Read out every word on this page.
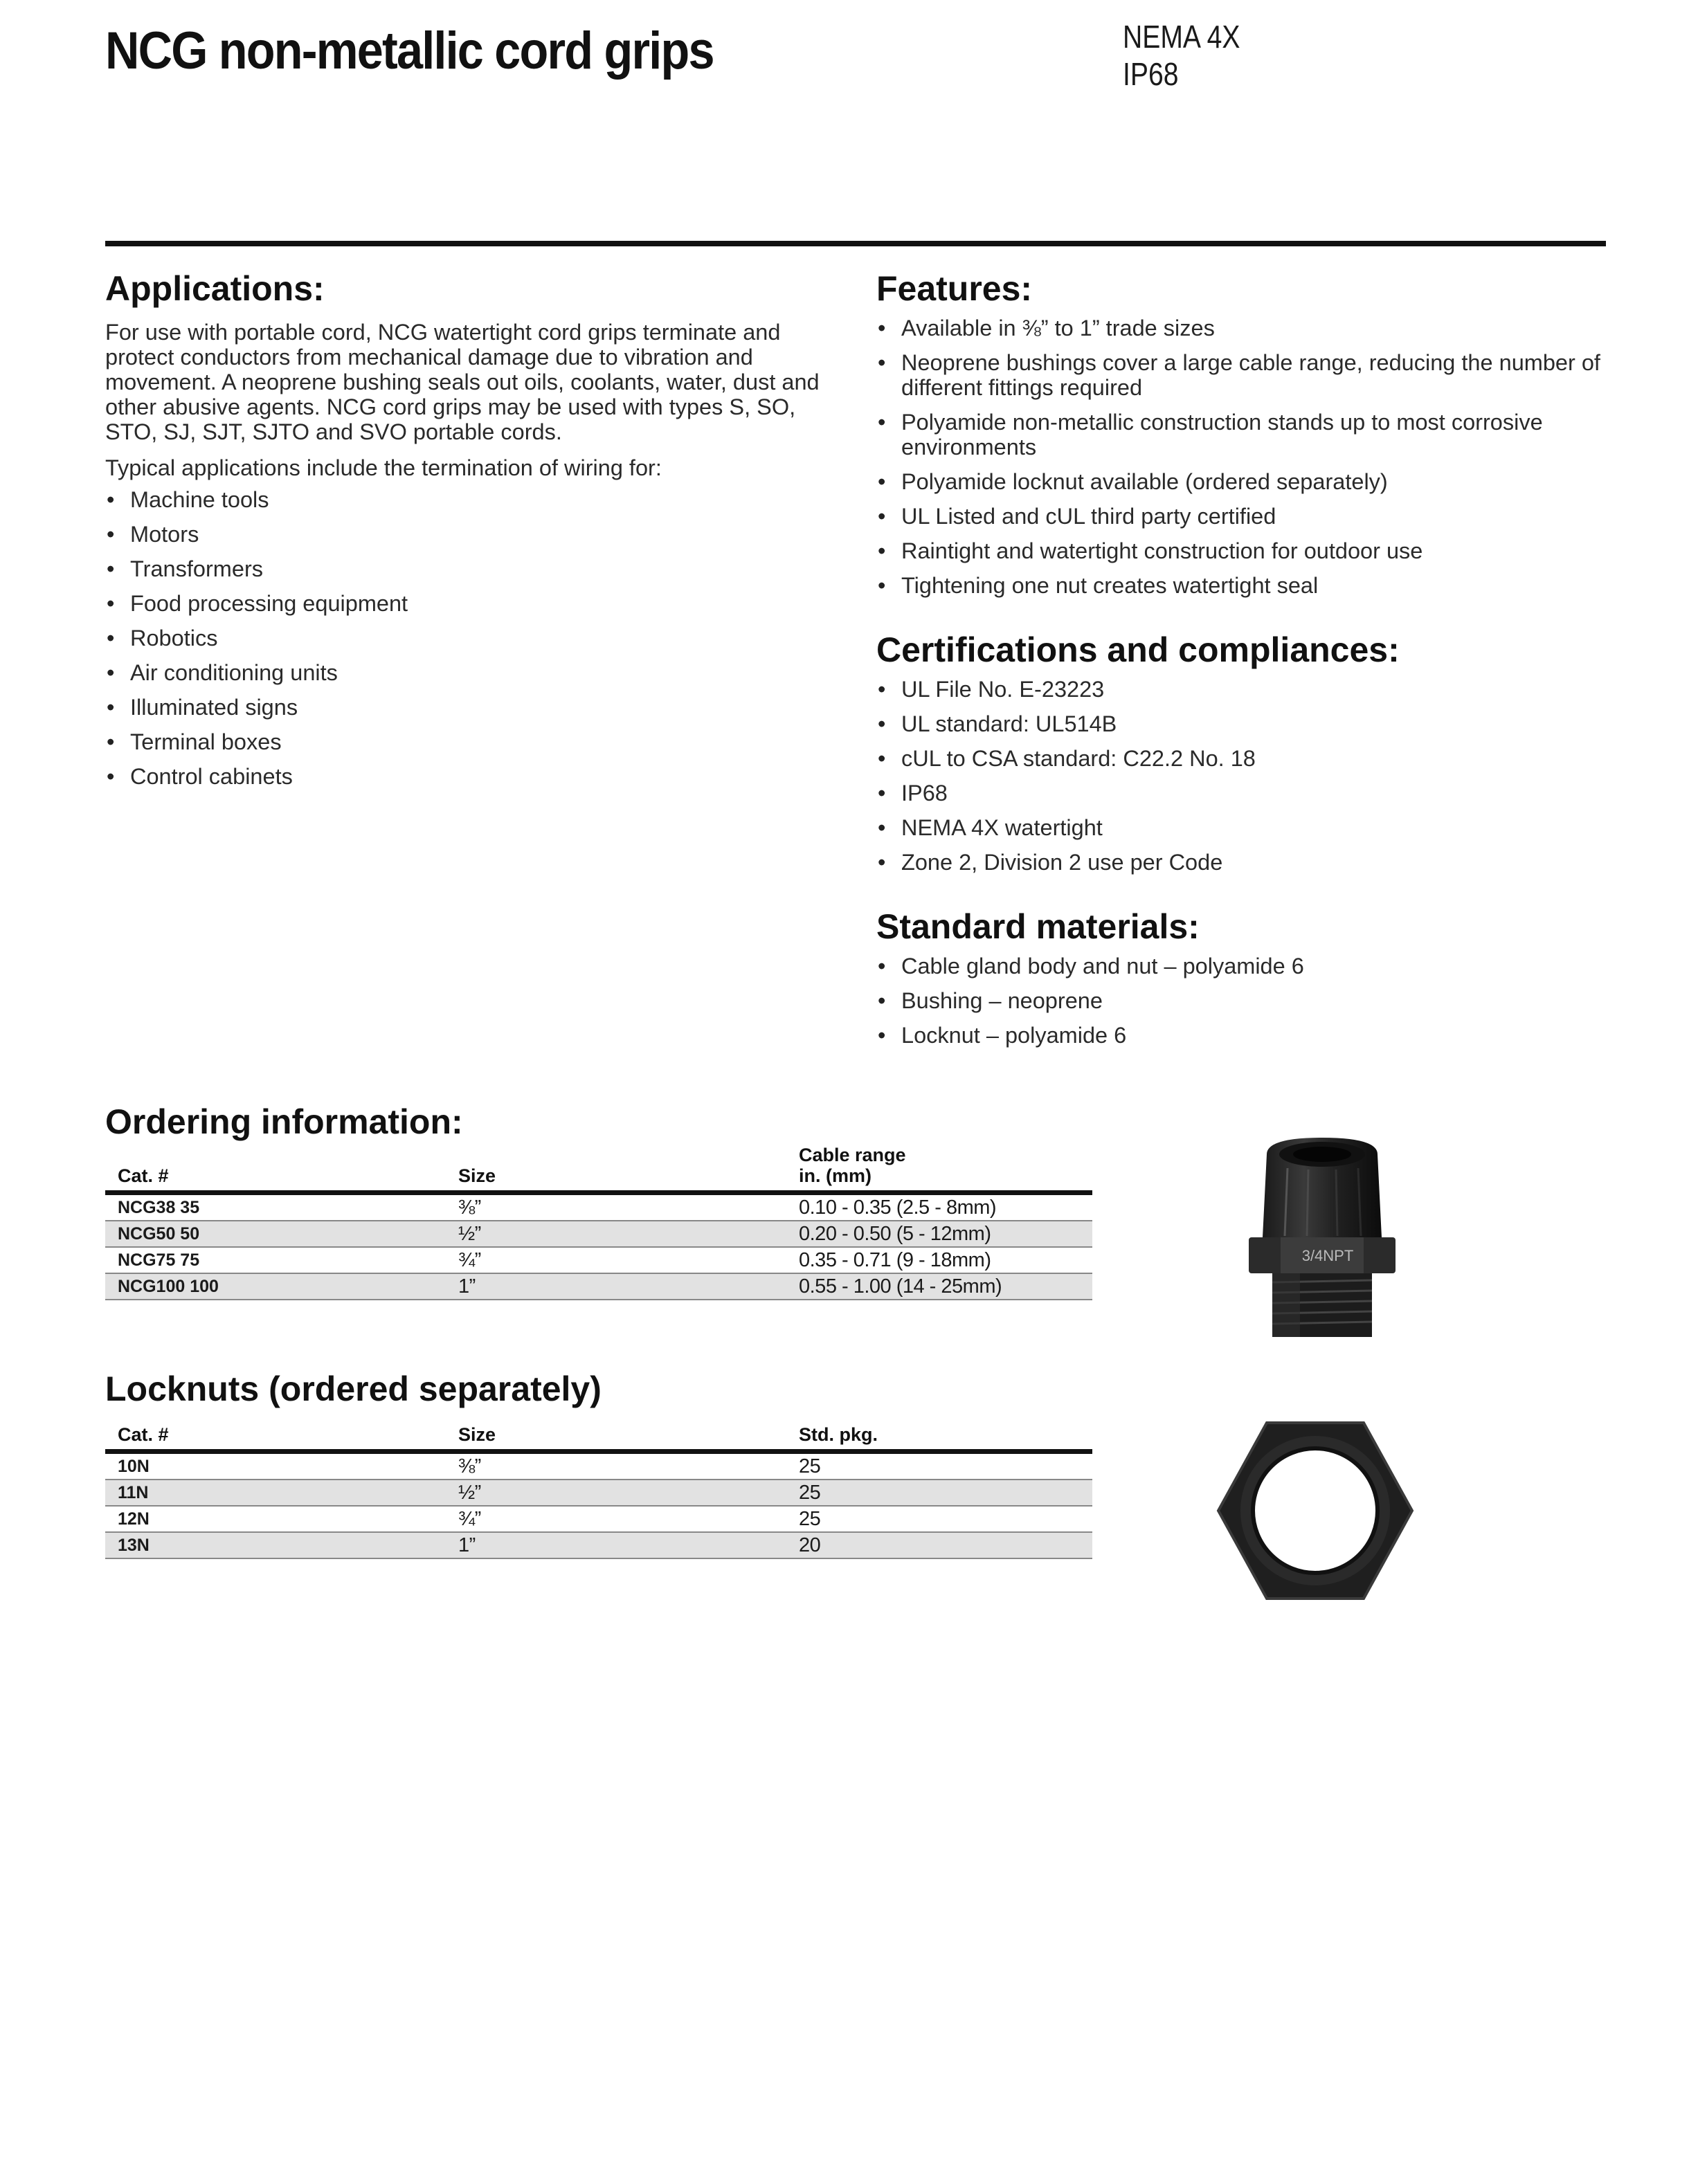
NCG non-metallic cord grips	NEMA 4X
IP68
Applications:

For use with portable cord, NCG watertight cord grips terminate and protect conductors from mechanical damage due to vibration and movement. A neoprene bushing seals out oils, coolants, water, dust and other abusive agents. NCG cord grips may be used with types S, SO, STO, SJ, SJT, SJTO and SVO portable cords.

Typical applications include the termination of wiring for:

• Machine tools
• Motors
• Transformers
• Food processing equipment
• Robotics
• Air conditioning units
• Illuminated signs
• Terminal boxes
• Control cabinets
Features:
• Available in ⅜” to 1” trade sizes
• Neoprene bushings cover a large cable range, reducing the number of different fittings required
• Polyamide non-metallic construction stands up to most corrosive environments
• Polyamide locknut available (ordered separately)
• UL Listed and cUL third party certified
• Raintight and watertight construction for outdoor use
• Tightening one nut creates watertight seal
Certifications and compliances:
• UL File No. E-23223
• UL standard: UL514B
• cUL to CSA standard: C22.2 No. 18
• IP68
• NEMA 4X watertight
• Zone 2, Division 2 use per Code
Standard materials:
• Cable gland body and nut – polyamide 6
• Bushing – neoprene
• Locknut – polyamide 6
Ordering information:
Cat. #	Size	Cable range
in. (mm)
NCG38 35	⅜”	0.10 - 0.35 (2.5 - 8mm)
NCG50 50	½”	0.20 - 0.50 (5 - 12mm)
NCG75 75	¾”	0.35 - 0.71 (9 - 18mm)
NCG100 100	1”	0.55 - 1.00 (14 - 25mm)
Locknuts (ordered separately)
Cat. #	Size	Std. pkg.
10N	⅜”	25
11N	½”	25
12N	¾”	25
13N	1”	20
3/4NPT
